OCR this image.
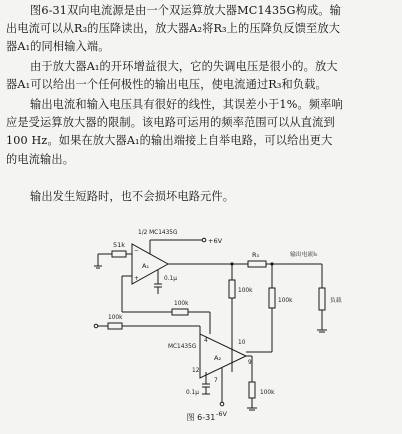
图6-31双向电流源是由一个双运算放大器MC1435G构成。输
出电流可以从R₃的压降读出，放大器A₂将R₃上的压降负反馈至放大
器A₁的同相输入端。
由于放大器A₁的开环增益很大，它的失调电压是很小的。放大
器A₁可以给出一个任何极性的输出电压，使电流通过R₃和负载。
输出电流和输入电压具有很好的线性，其误差小于1%。频率响
应是受运算放大器的限制。该电路可运用的频率范围可以从直流到
100 Hz。如果在放大器A₁的输出端接上自举电路，可以给出更大
的电流输出。
输出发生短路时，也不会损坏电路元件。
A₁
−
+
1/2 MC1435G
+6V
51k
0.1μ
R₃	输出电流I₀
负载
100k
100k
100k
100k
A₂
MC1435G
4	10
9
12
7
0.1μ
-6V
100k
图 6-31
